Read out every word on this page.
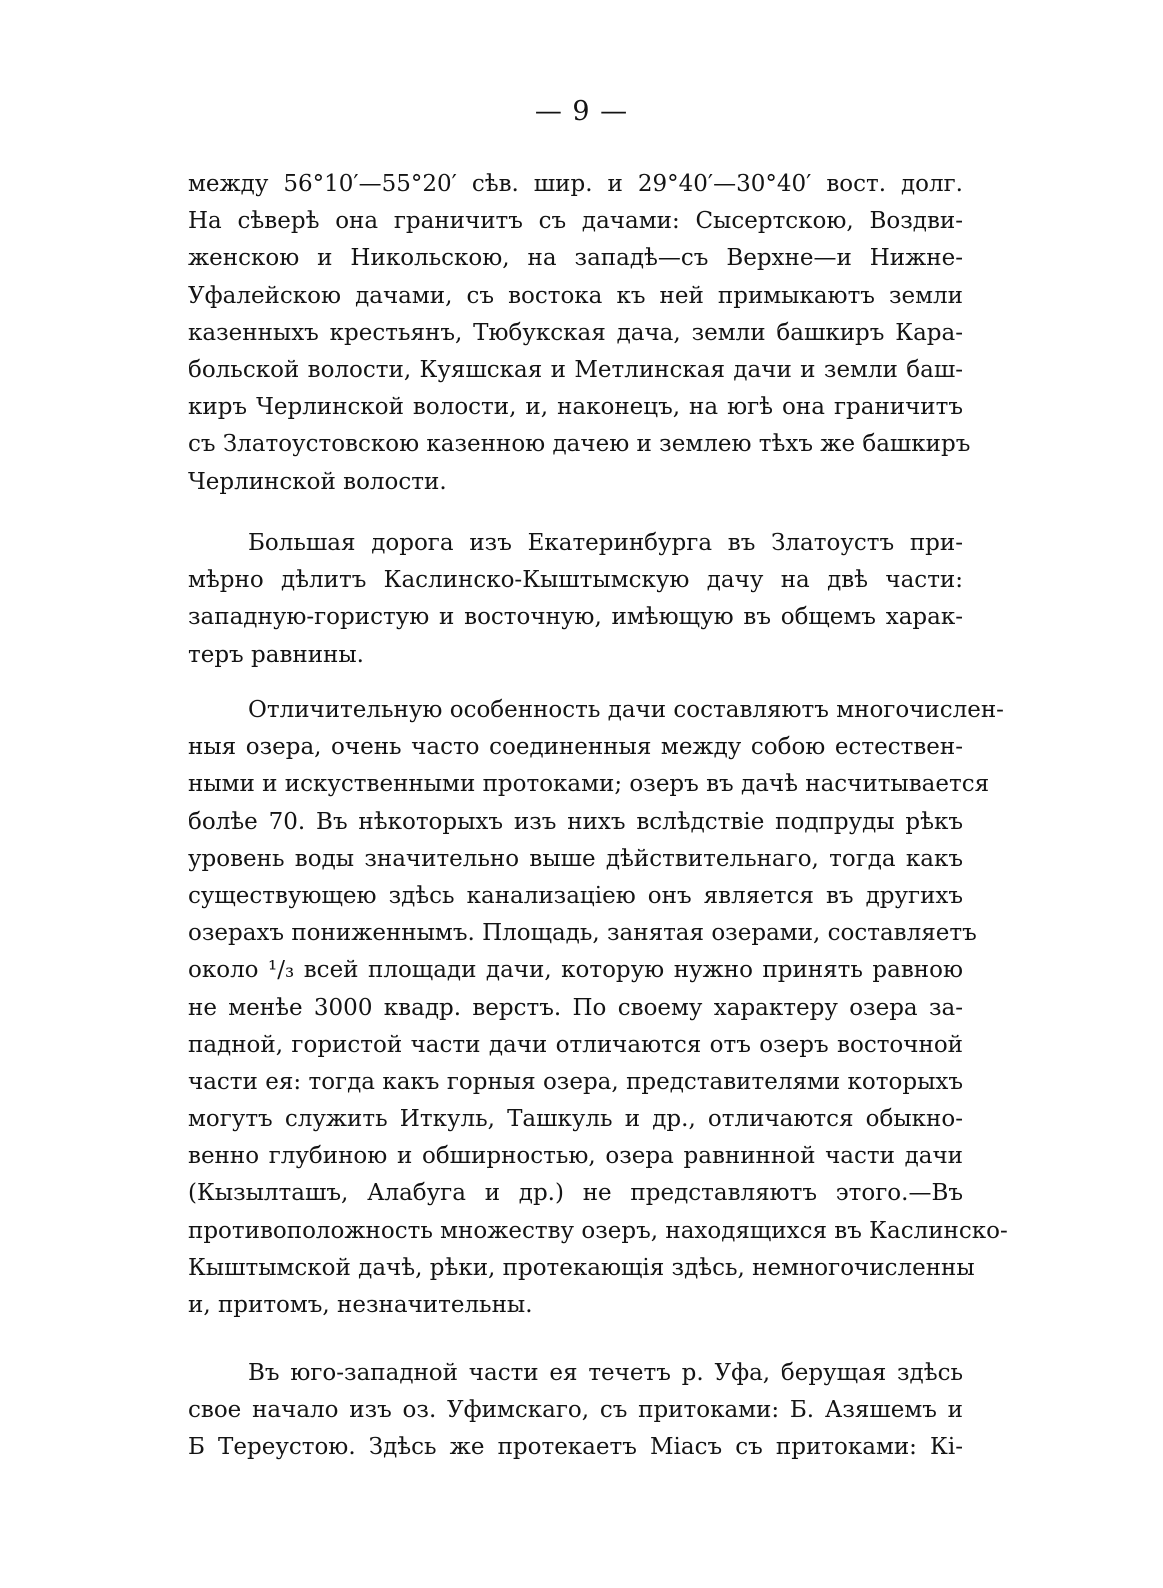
— 9 —
между 56°10′—55°20′ сѣв. шир. и 29°40′—30°40′ вост. долг.
На сѣверѣ она граничитъ съ дачами: Сысертскою, Воздви-
женскою и Никольскою, на западѣ—съ Верхне—и Нижне-
Уфалейскою дачами, съ востока къ ней примыкаютъ земли
казенныхъ крестьянъ, Тюбукская дача, земли башкиръ Кара-
больской волости, Куяшская и Метлинская дачи и земли баш-
киръ Черлинской волости, и, наконецъ, на югѣ она граничитъ
съ Златоустовскою казенною дачею и землею тѣхъ же башкиръ
Черлинской волости.
Большая дорога изъ Екатеринбурга въ Златоустъ при-
мѣрно дѣлитъ Каслинско-Кыштымскую дачу на двѣ части:
западную-гористую и восточную, имѣющую въ общемъ харак-
теръ равнины.
Отличительную особенность дачи составляютъ многочислен-
ныя озера, очень часто соединенныя между собою естествен-
ными и искуственными протоками; озеръ въ дачѣ насчитывается
болѣе 70. Въ нѣкоторыхъ изъ нихъ вслѣдствіе подпруды рѣкъ
уровень воды значительно выше дѣйствительнаго, тогда какъ
существующею здѣсь канализаціею онъ является въ другихъ
озерахъ пониженнымъ. Площадь, занятая озерами, составляетъ
около ¹/₃ всей площади дачи, которую нужно принять равною
не менѣе 3000 квадр. верстъ. По своему характеру озера за-
падной, гористой части дачи отличаются отъ озеръ восточной
части ея: тогда какъ горныя озера, представителями которыхъ
могутъ служить Иткуль, Ташкуль и др., отличаются обыкно-
венно глубиною и обширностью, озера равнинной части дачи
(Кызылташъ, Алабуга и др.) не представляютъ этого.—Въ
противоположность множеству озеръ, находящихся въ Каслинско-
Кыштымской дачѣ, рѣки, протекающія здѣсь, немногочисленны
и, притомъ, незначительны.
Въ юго-западной части ея течетъ р. Уфа, берущая здѣсь
свое начало изъ оз. Уфимскаго, съ притоками: Б. Азяшемъ и
Б Тереустою. Здѣсь же протекаетъ Міасъ съ притоками: Кі-
